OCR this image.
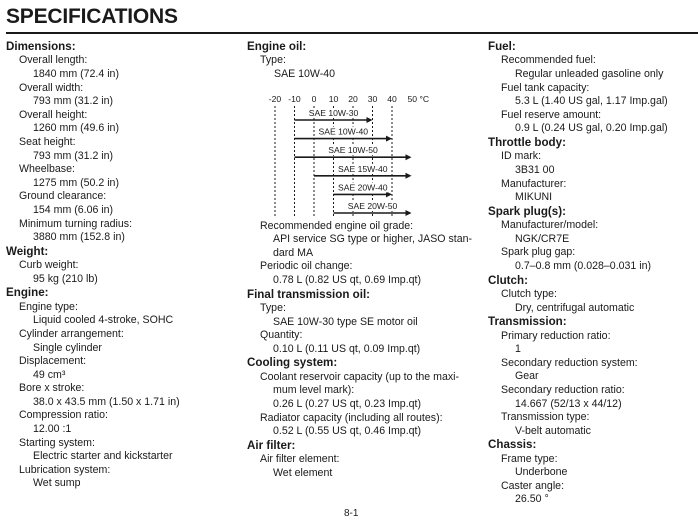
SPECIFICATIONS
Dimensions:
Overall length:
1840 mm (72.4 in)
Overall width:
793 mm (31.2 in)
Overall height:
1260 mm (49.6 in)
Seat height:
793 mm (31.2 in)
Wheelbase:
1275 mm (50.2 in)
Ground clearance:
154 mm (6.06 in)
Minimum turning radius:
3880 mm (152.8 in)
Weight:
Curb weight:
95 kg (210 lb)
Engine:
Engine type:
Liquid cooled 4-stroke, SOHC
Cylinder arrangement:
Single cylinder
Displacement:
49 cm³
Bore x stroke:
38.0 x 43.5 mm (1.50 x 1.71 in)
Compression ratio:
12.00 :1
Starting system:
Electric starter and kickstarter
Lubrication system:
Wet sump
Engine oil:
Type:
SAE 10W-40
-20 -10 0 10 20 30 40 50 °C
SAE 10W-30
SAE 10W-40
SAE 10W-50
SAE 15W-40
SAE 20W-40
SAE 20W-50
Recommended engine oil grade:
API service SG type or higher, JASO stan-
dard MA
Periodic oil change:
0.78 L (0.82 US qt, 0.69 Imp.qt)
Final transmission oil:
Type:
SAE 10W-30 type SE motor oil
Quantity:
0.10 L (0.11 US qt, 0.09 Imp.qt)
Cooling system:
Coolant reservoir capacity (up to the maxi-
mum level mark):
0.26 L (0.27 US qt, 0.23 Imp.qt)
Radiator capacity (including all routes):
0.52 L (0.55 US qt, 0.46 Imp.qt)
Air filter:
Air filter element:
Wet element
Fuel:
Recommended fuel:
Regular unleaded gasoline only
Fuel tank capacity:
5.3 L (1.40 US gal, 1.17 Imp.gal)
Fuel reserve amount:
0.9 L (0.24 US gal, 0.20 Imp.gal)
Throttle body:
ID mark:
3B31 00
Manufacturer:
MIKUNI
Spark plug(s):
Manufacturer/model:
NGK/CR7E
Spark plug gap:
0.7–0.8 mm (0.028–0.031 in)
Clutch:
Clutch type:
Dry, centrifugal automatic
Transmission:
Primary reduction ratio:
1
Secondary reduction system:
Gear
Secondary reduction ratio:
14.667 (52/13 x 44/12)
Transmission type:
V-belt automatic
Chassis:
Frame type:
Underbone
Caster angle:
26.50 °
8-1
